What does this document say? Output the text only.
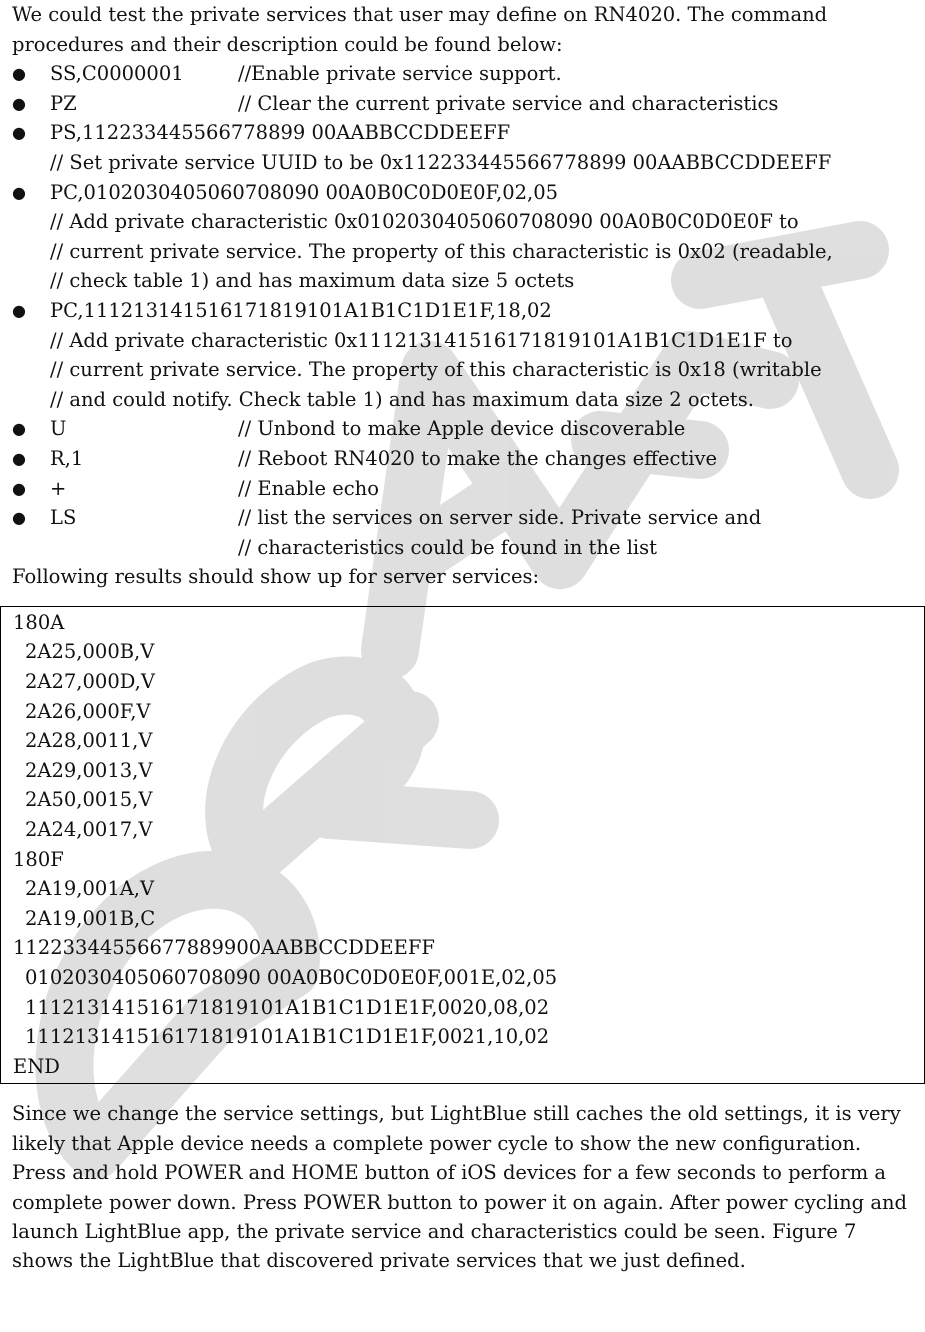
We could test the private services that user may define on RN4020. The command procedures and their description could be found below:

● SS,C0000001	//Enable private service support.
● PZ	// Clear the current private service and characteristics
● PS,112233445566778899 00AABBCCDDEEFF
// Set private service UUID to be 0x112233445566778899 00AABBCCDDEEFF
● PC,0102030405060708090 00A0B0C0D0E0F,02,05
// Add private characteristic 0x0102030405060708090 00A0B0C0D0E0F to
// current private service. The property of this characteristic is 0x02 (readable,
// check table 1) and has maximum data size 5 octets
● PC,111213141516171819101A1B1C1D1E1F,18,02
// Add private characteristic 0x111213141516171819101A1B1C1D1E1F to
// current private service. The property of this characteristic is 0x18 (writable
// and could notify. Check table 1) and has maximum data size 2 octets.
● U	// Unbond to make Apple device discoverable
● R,1	// Reboot RN4020 to make the changes effective
● +	// Enable echo
● LS	// list the services on server side. Private service and
// characteristics could be found in the list

Following results should show up for server services:

180A
2A25,000B,V
2A27,000D,V
2A26,000F,V
2A28,0011,V
2A29,0013,V
2A50,0015,V
2A24,0017,V
180F
2A19,001A,V
2A19,001B,C
11223344556677889900AABBCCDDEEFF
0102030405060708090 00A0B0C0D0E0F,001E,02,05
111213141516171819101A1B1C1D1E1F,0020,08,02
111213141516171819101A1B1C1D1E1F,0021,10,02
END

Since we change the service settings, but LightBlue still caches the old settings, it is very likely that Apple device needs a complete power cycle to show the new configuration. Press and hold POWER and HOME button of iOS devices for a few seconds to perform a complete power down. Press POWER button to power it on again. After power cycling and launch LightBlue app, the private service and characteristics could be seen. Figure 7 shows the LightBlue that discovered private services that we just defined.
